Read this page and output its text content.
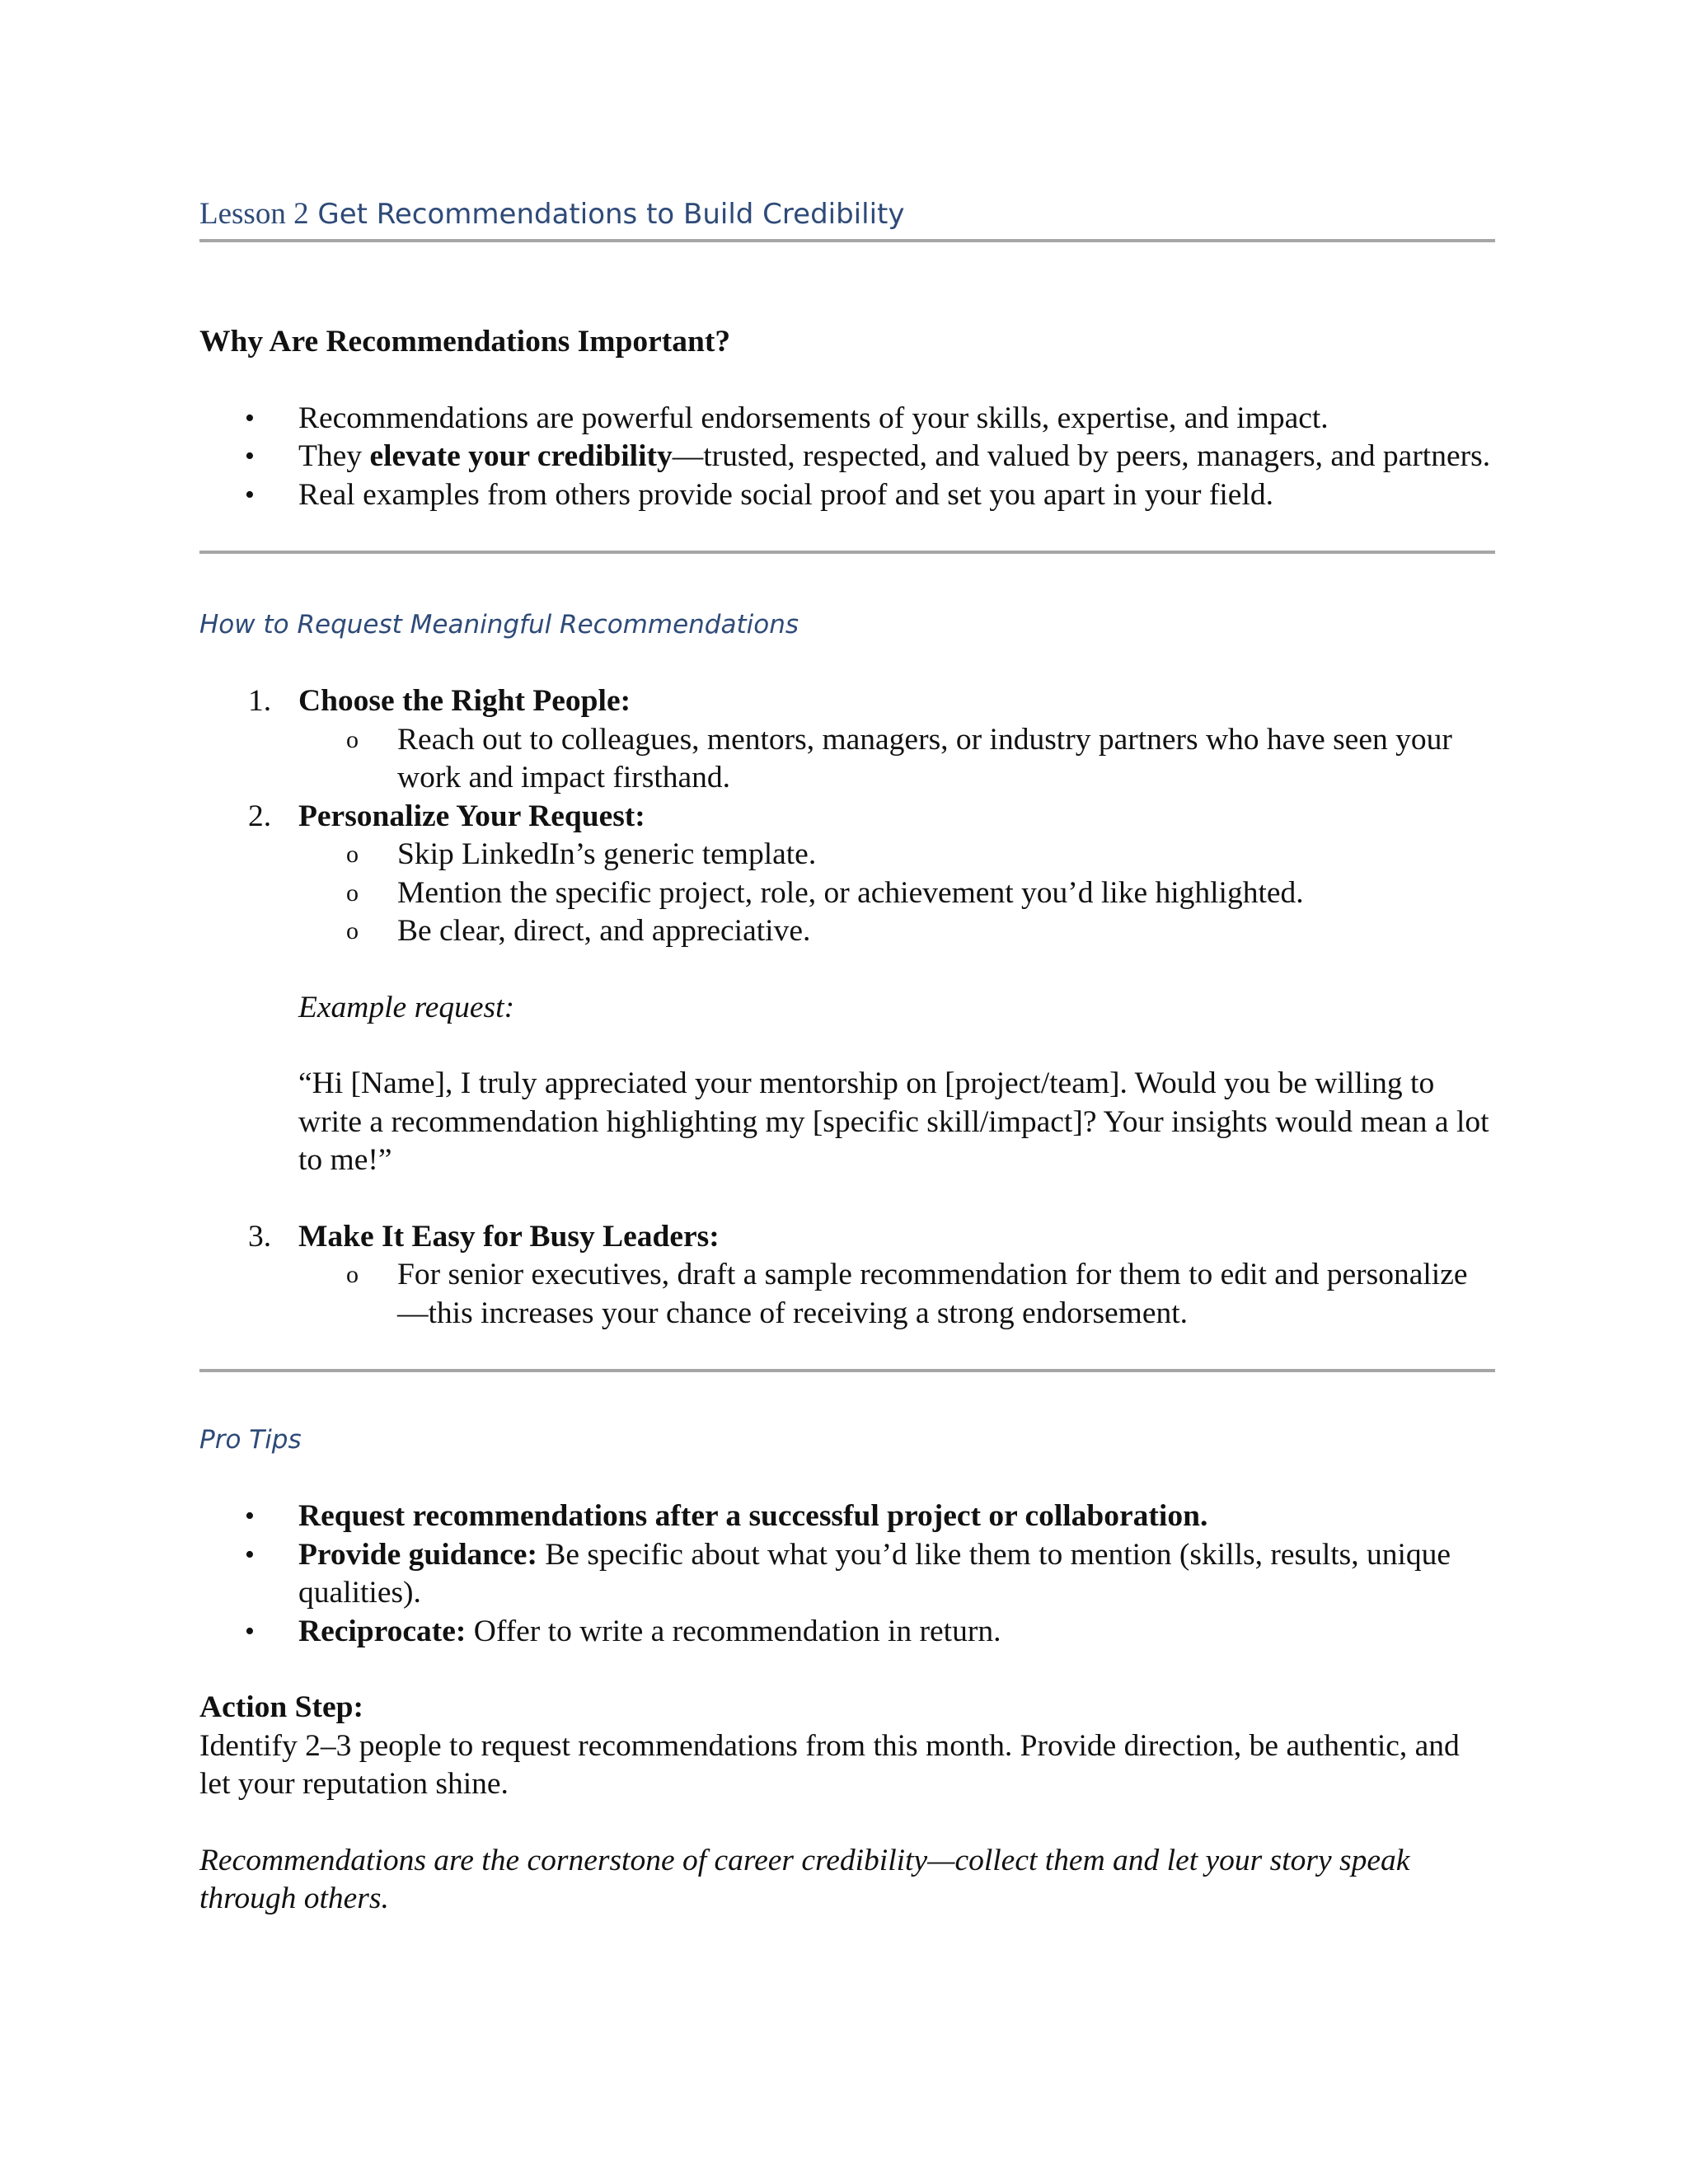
Lesson 2 Get Recommendations to Build Credibility

Why Are Recommendations Important?

• Recommendations are powerful endorsements of your skills, expertise, and impact.
• They elevate your credibility—trusted, respected, and valued by peers, managers, and partners.
• Real examples from others provide social proof and set you apart in your field.

How to Request Meaningful Recommendations

1. Choose the Right People:
o Reach out to colleagues, mentors, managers, or industry partners who have seen your work and impact firsthand.
2. Personalize Your Request:
o Skip LinkedIn’s generic template.
o Mention the specific project, role, or achievement you’d like highlighted.
o Be clear, direct, and appreciative.

Example request:

“Hi [Name], I truly appreciated your mentorship on [project/team]. Would you be willing to write a recommendation highlighting my [specific skill/impact]? Your insights would mean a lot to me!”

3. Make It Easy for Busy Leaders:
o For senior executives, draft a sample recommendation for them to edit and personalize—this increases your chance of receiving a strong endorsement.

Pro Tips

• Request recommendations after a successful project or collaboration.
• Provide guidance: Be specific about what you’d like them to mention (skills, results, unique qualities).
• Reciprocate: Offer to write a recommendation in return.

Action Step:

Identify 2–3 people to request recommendations from this month. Provide direction, be authentic, and let your reputation shine.

Recommendations are the cornerstone of career credibility—collect them and let your story speak through others.
